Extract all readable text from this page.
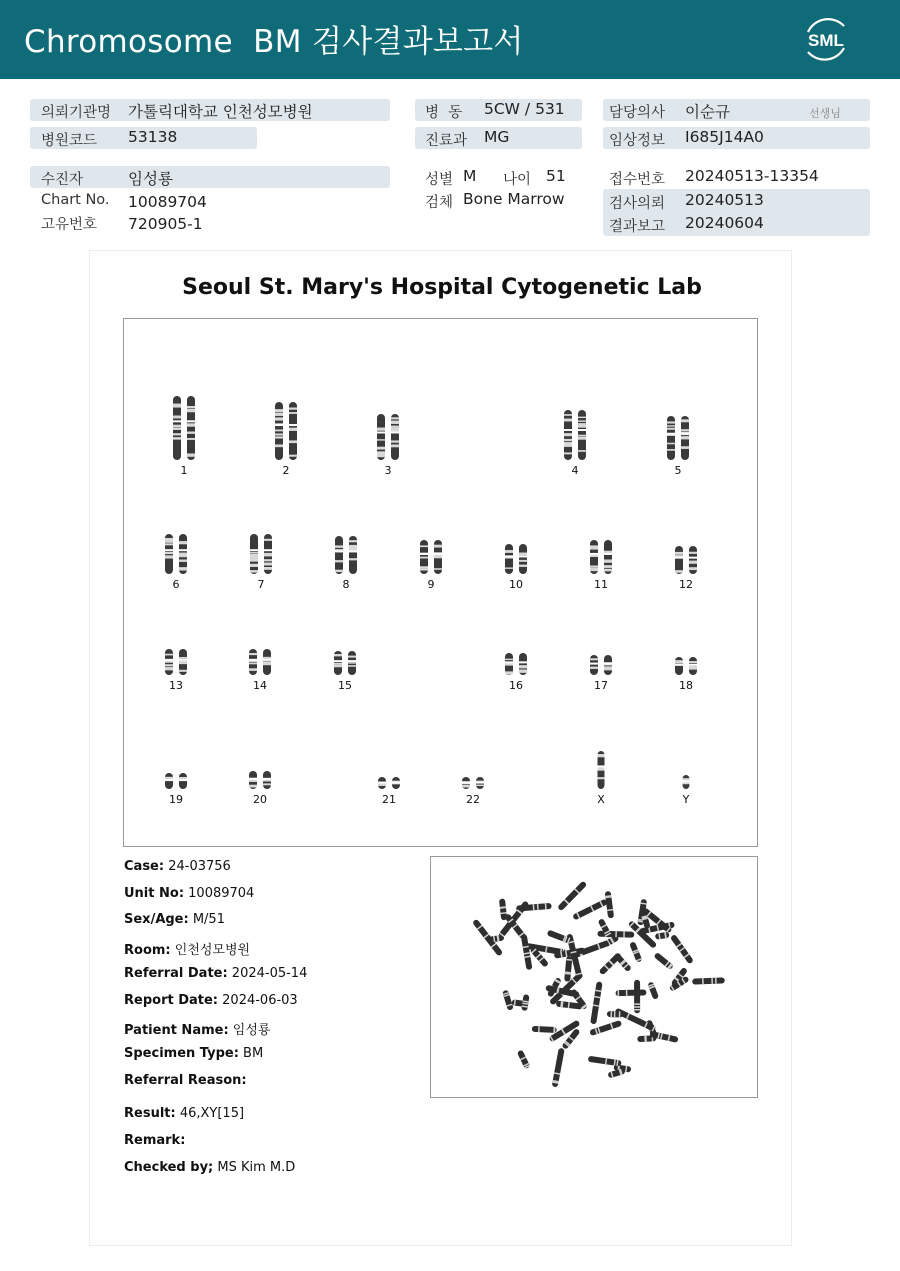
Chromosome  BM 검사결과보고서	SML
의뢰기관명 가톨릭대학교 인천성모병원
병원코드 53138
병  동 5CW / 531
진료과 MG
담당의사 이순규	선생님
임상정보 I685J14A0
수진자	임성룡
Chart No. 10089704
고유번호 720905-1
성별 M 나이 51
검체 Bone Marrow
접수번호 20240513-13354
검사의뢰 20240513
결과보고 20240604
Seoul St. Mary's Hospital Cytogenetic Lab
1	2	3	4	5
6	7	8	9	10	11	12
13	14	15	16	17	18
19	20	21	22	X	Y
Case: 24-03756
Unit No: 10089704
Sex/Age: M/51
Room: 인천성모병원
Referral Date: 2024-05-14
Report Date: 2024-06-03
Patient Name: 임성룡
Specimen Type: BM
Referral Reason:
Result: 46,XY[15]
Remark:
Checked by; MS Kim M.D
